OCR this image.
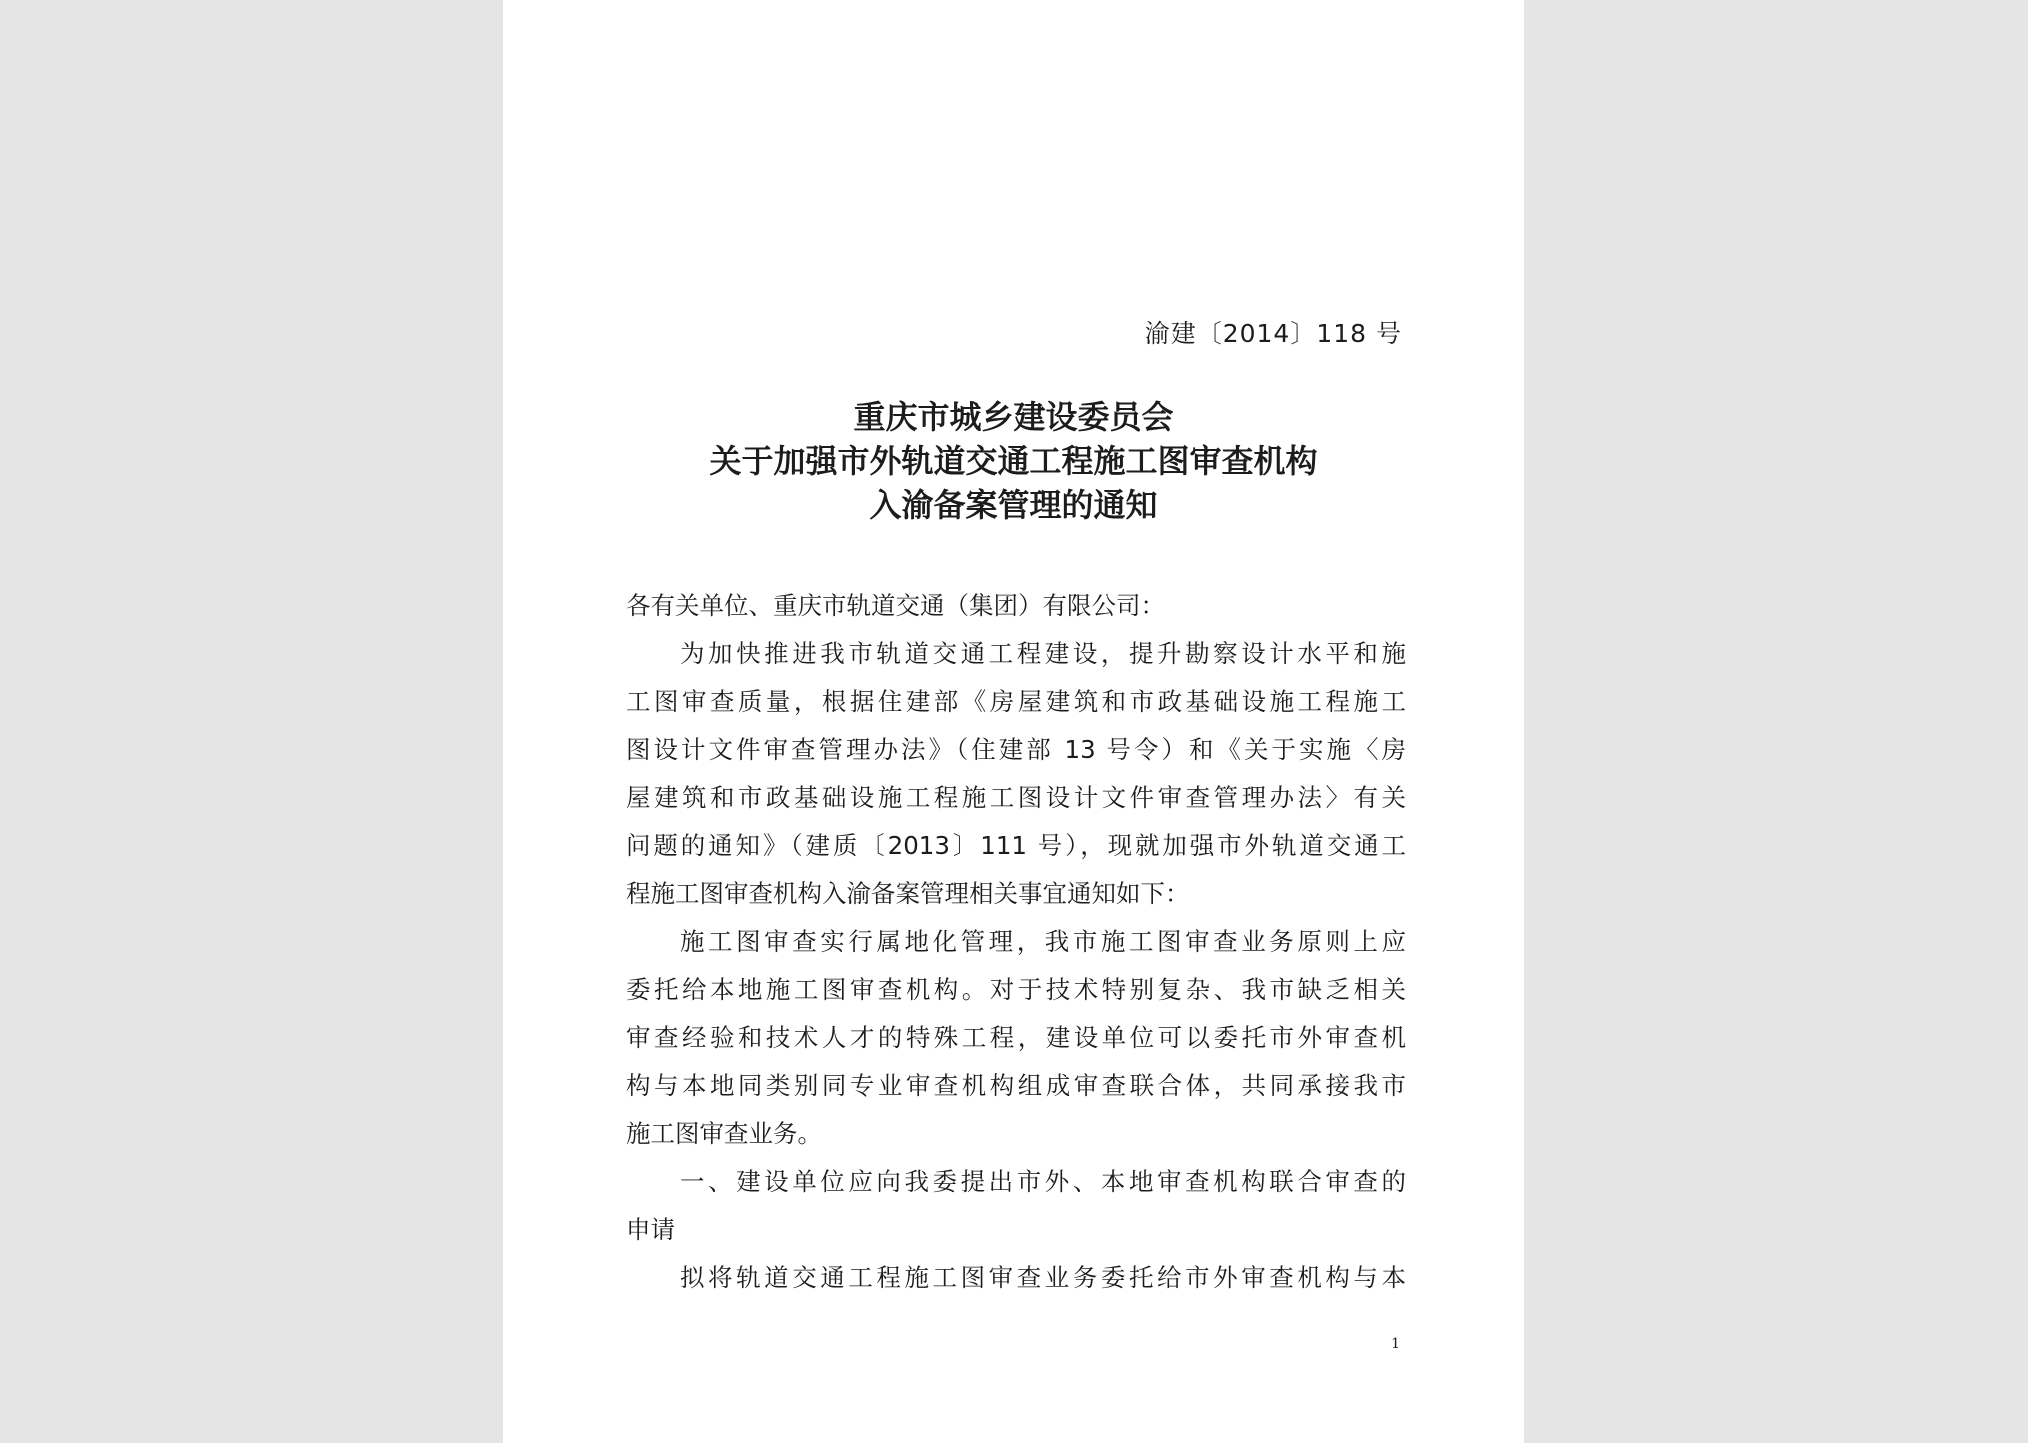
渝建〔2014〕118 号
重庆市城乡建设委员会
关于加强市外轨道交通工程施工图审查机构
入渝备案管理的通知
各有关单位、重庆市轨道交通（集团）有限公司：
为加快推进我市轨道交通工程建设，提升勘察设计水平和施
工图审查质量，根据住建部《房屋建筑和市政基础设施工程施工
图设计文件审查管理办法》（住建部 13 号令）和《关于实施〈房
屋建筑和市政基础设施工程施工图设计文件审查管理办法〉有关
问题的通知》（建质〔2013〕111 号），现就加强市外轨道交通工
程施工图审查机构入渝备案管理相关事宜通知如下：
施工图审查实行属地化管理，我市施工图审查业务原则上应
委托给本地施工图审查机构。对于技术特别复杂、我市缺乏相关
审查经验和技术人才的特殊工程，建设单位可以委托市外审查机
构与本地同类别同专业审查机构组成审查联合体，共同承接我市
施工图审查业务。
一、建设单位应向我委提出市外、本地审查机构联合审查的
申请
拟将轨道交通工程施工图审查业务委托给市外审查机构与本
1
